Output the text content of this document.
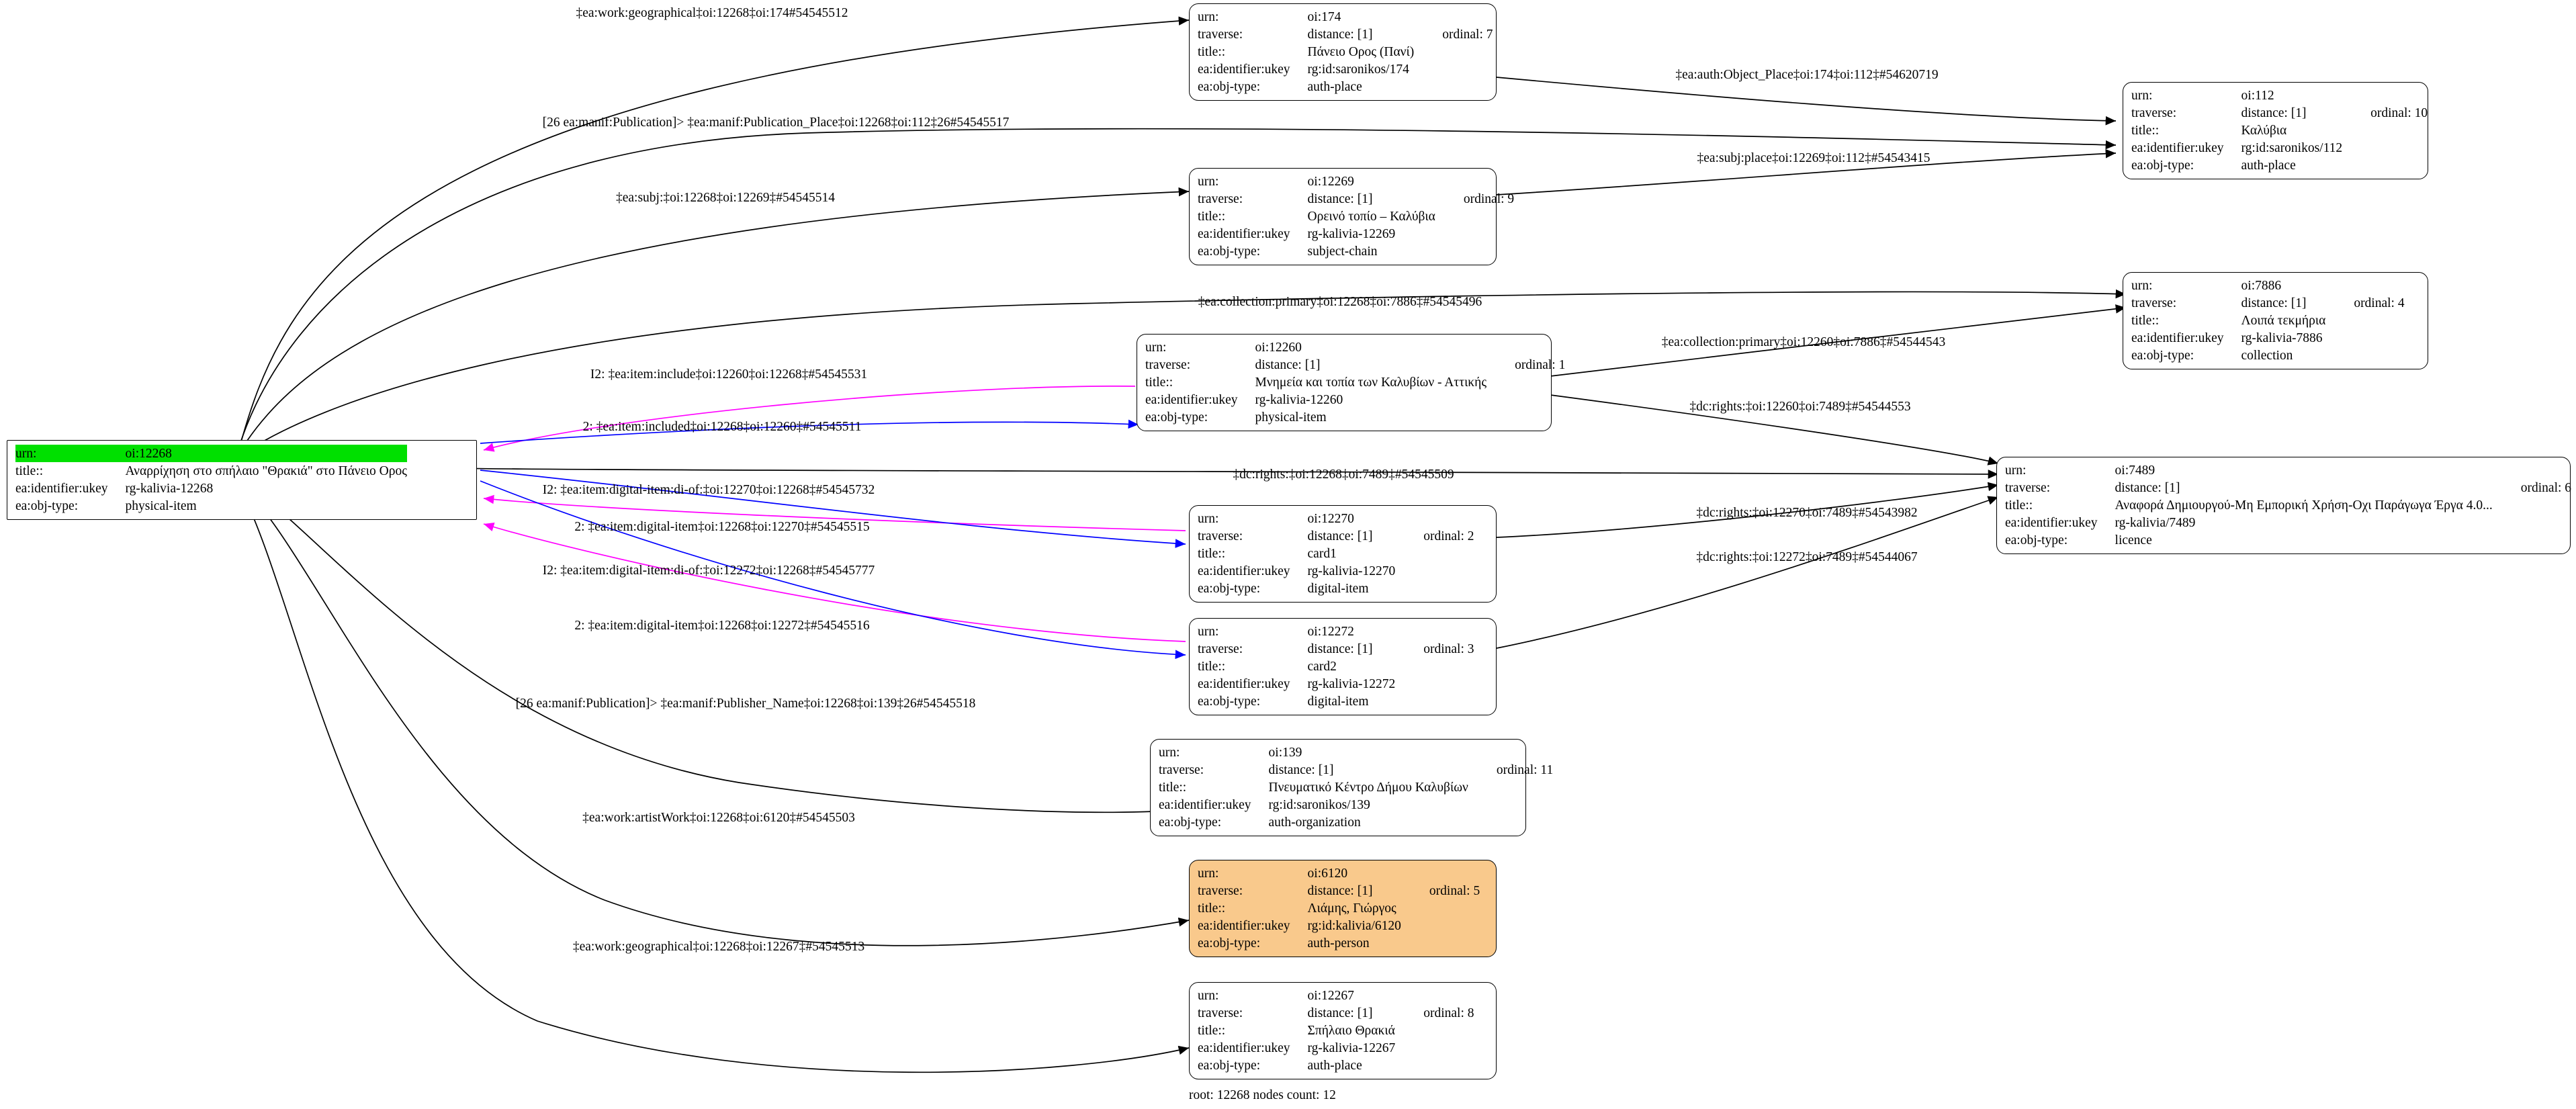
urn:	oi:12268
title::	Αναρρίχηση στο σπήλαιο "Θρακιά" στο Πάνειο Ορος
ea:identifier:ukey	rg-kalivia-12268
ea:obj-type:	physical-item
urn:	oi:174	
traverse:	distance: [1]	ordinal: 7
title::	Πάνειο Ορος (Πανί)	
ea:identifier:ukey	rg:id:saronikos/174	
ea:obj-type:	auth-place	
urn:	oi:112	
traverse:	distance: [1]	ordinal: 10
title::	Καλύβια	
ea:identifier:ukey	rg:id:saronikos/112	
ea:obj-type:	auth-place	
urn:	oi:12269	
traverse:	distance: [1]	ordinal: 9
title::	Ορεινό τοπίο – Καλύβια	
ea:identifier:ukey	rg-kalivia-12269	
ea:obj-type:	subject-chain	
urn:	oi:7886	
traverse:	distance: [1]	ordinal: 4
title::	Λοιπά τεκμήρια	
ea:identifier:ukey	rg-kalivia-7886	
ea:obj-type:	collection	
urn:	oi:12260	
traverse:	distance: [1]	ordinal: 1
title::	Μνημεία και τοπία των Καλυβίων - Αττικής	
ea:identifier:ukey	rg-kalivia-12260	
ea:obj-type:	physical-item	
urn:	oi:7489	
traverse:	distance: [1]	ordinal: 6
title::	Αναφορά Δημιουργού-Μη Εμπορική Χρήση-Οχι Παράγωγα Έργα 4.0...	
ea:identifier:ukey	rg-kalivia/7489	
ea:obj-type:	licence	
urn:	oi:12270	
traverse:	distance: [1]	ordinal: 2
title::	card1	
ea:identifier:ukey	rg-kalivia-12270	
ea:obj-type:	digital-item	
urn:	oi:12272	
traverse:	distance: [1]	ordinal: 3
title::	card2	
ea:identifier:ukey	rg-kalivia-12272	
ea:obj-type:	digital-item	
urn:	oi:139	
traverse:	distance: [1]	ordinal: 11
title::	Πνευματικό Κέντρο Δήμου Καλυβίων	
ea:identifier:ukey	rg:id:saronikos/139	
ea:obj-type:	auth-organization	
urn:	oi:6120	
traverse:	distance: [1]	ordinal: 5
title::	Λιάμης, Γιώργος	
ea:identifier:ukey	rg:id:kalivia/6120	
ea:obj-type:	auth-person	
urn:	oi:12267	
traverse:	distance: [1]	ordinal: 8
title::	Σπήλαιο Θρακιά	
ea:identifier:ukey	rg-kalivia-12267	
ea:obj-type:	auth-place	
‡ea:work:geographical‡oi:12268‡oi:174#54545512
‡ea:auth:Object_Place‡oi:174‡oi:112‡#54620719
[26 ea:manif:Publication]> ‡ea:manif:Publication_Place‡oi:12268‡oi:112‡26#54545517
‡ea:subj:‡oi:12268‡oi:12269‡#54545514
‡ea:subj:place‡oi:12269‡oi:112‡#54543415
‡ea:collection:primary‡oi:12268‡oi:7886‡#54545496
‡ea:collection:primary‡oi:12260‡oi:7886‡#54544543
I2: ‡ea:item:include‡oi:12260‡oi:12268‡#54545531
2: ‡ea:item:included‡oi:12268‡oi:12260‡#54545511
‡dc:rights:‡oi:12260‡oi:7489‡#54544553
‡dc:rights:‡oi:12268‡oi:7489‡#54545509
I2: ‡ea:item:digital-item:di-of:‡oi:12270‡oi:12268‡#54545732
2: ‡ea:item:digital-item‡oi:12268‡oi:12270‡#54545515
‡dc:rights:‡oi:12270‡oi:7489‡#54543982
I2: ‡ea:item:digital-item:di-of:‡oi:12272‡oi:12268‡#54545777
‡dc:rights:‡oi:12272‡oi:7489‡#54544067
2: ‡ea:item:digital-item‡oi:12268‡oi:12272‡#54545516
[26 ea:manif:Publication]> ‡ea:manif:Publisher_Name‡oi:12268‡oi:139‡26#54545518
‡ea:work:artistWork‡oi:12268‡oi:6120‡#54545503
‡ea:work:geographical‡oi:12268‡oi:12267‡#54545513
root: 12268 nodes count: 12
